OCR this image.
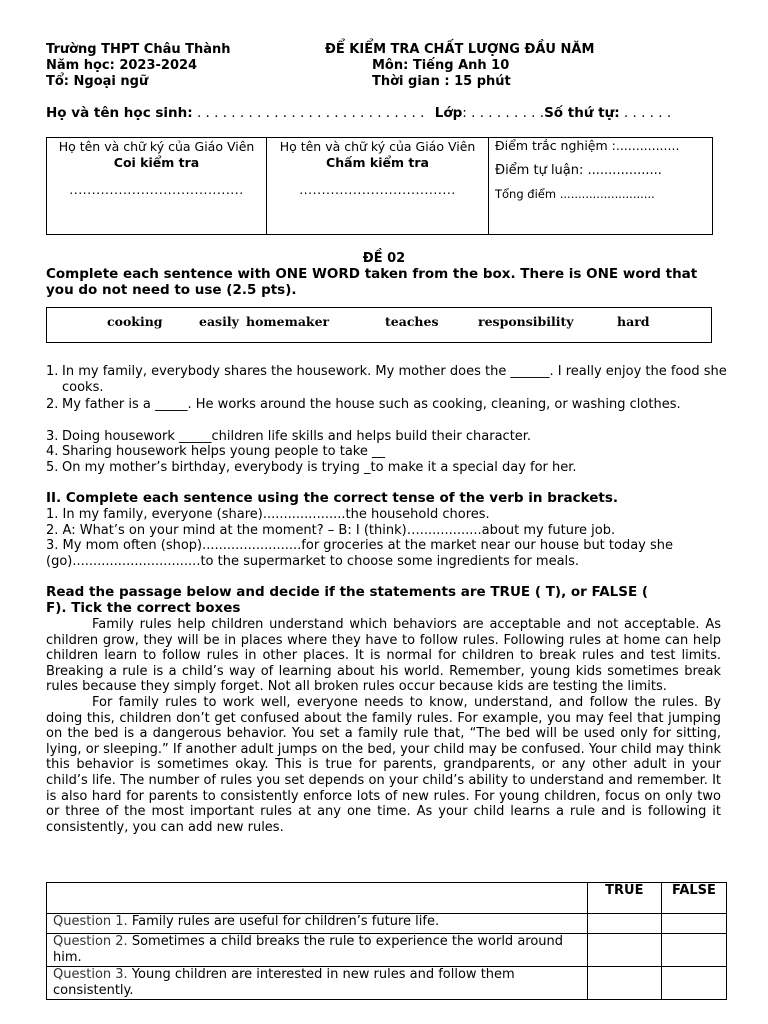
Trường THPT Châu Thành
Năm học: 2023-2024
Tổ: Ngoại ngữ
ĐỂ KIỂM TRA CHẤT LƯỢNG ĐẦU NĂM
Môn: Tiếng Anh 10
Thời gian : 15 phút
Họ và tên học sinh: . . . . . . . . . . . . . . . . . . . . . . . . . . . Lớp: . . . . . . . . .Số thứ tự: . . . . . .
Họ tên và chữ ký của Giáo Viên
Coi kiểm tra
.......................................

Họ tên và chữ ký của Giáo Viên
Chấm kiểm tra
...................................

Điểm trắc nghiệm :................
Điểm tự luận: ..................
Tổng điểm ..........................
ĐỀ 02
Complete each sentence with ONE WORD taken from the box. There is ONE word that you do not need to use (2.5 pts).
cooking	easily homemaker	teaches	responsibility	hard
1. In my family, everybody shares the housework. My mother does the ______. I really enjoy the food she cooks.
2. My father is a _____. He works around the house such as cooking, cleaning, or washing clothes.
3. Doing housework _____children life skills and helps build their character.
4. Sharing housework helps young people to take __
5. On my mother’s birthday, everybody is trying _to make it a special day for her.
II. Complete each sentence using the correct tense of the verb in brackets.
1. In my family, everyone (share)....................the household chores.
2. A: What’s on your mind at the moment? – B: I (think)…...............about my future job.
3. My mom often (shop)........................for groceries at the market near our house but today she
(go)...............................to the supermarket to choose some ingredients for meals.
Read the passage below and decide if the statements are TRUE ( T), or FALSE (
F). Tick the correct boxes

Family rules help children understand which behaviors are acceptable and not acceptable. As children grow, they will be in places where they have to follow rules. Following rules at home can help children learn to follow rules in other places. It is normal for children to break rules and test limits. Breaking a rule is a child’s way of learning about his world. Remember, young kids sometimes break rules because they simply forget. Not all broken rules occur because kids are testing the limits.

For family rules to work well, everyone needs to know, understand, and follow the rules. By doing this, children don’t get confused about the family rules. For example, you may feel that jumping on the bed is a dangerous behavior. You set a family rule that, “The bed will be used only for sitting, lying, or sleeping.” If another adult jumps on the bed, your child may be confused. Your child may think this behavior is sometimes okay. This is true for parents, grandparents, or any other adult in your child’s life. The number of rules you set depends on your child’s ability to understand and remember. It is also hard for parents to consistently enforce lots of new rules. For young children, focus on only two or three of the most important rules at any one time. As your child learns a rule and is following it consistently, you can add new rules.

	TRUE	FALSE
Question 1. Family rules are useful for children’s future life.		
Question 2. Sometimes a child breaks the rule to experience the world around him.		
Question 3. Young children are interested in new rules and follow them consistently.		
